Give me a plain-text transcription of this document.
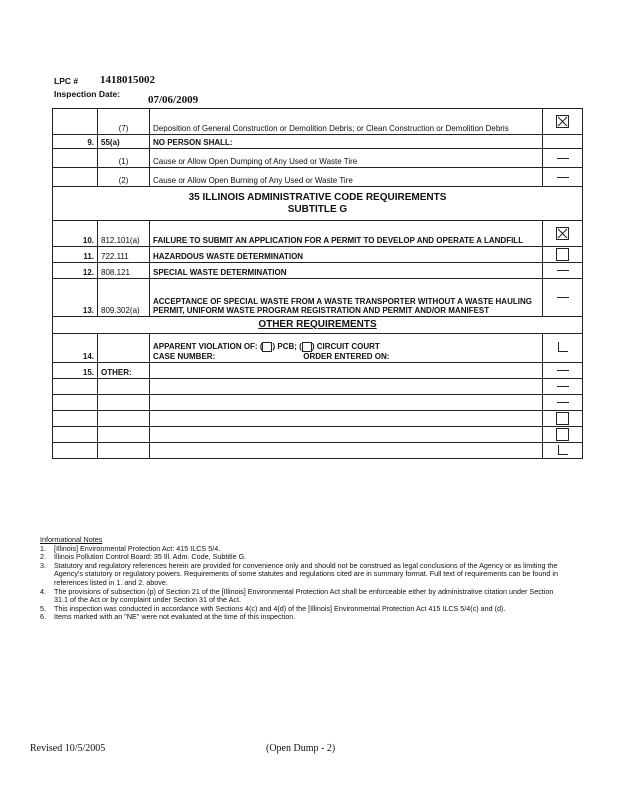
LPC # 1418015002
Inspection Date:	07/06/2009
	(7)	Deposition of General Construction or Demolition Debris; or Clean Construction or Demolition Debris	
9.	55(a)	NO PERSON SHALL:	
	(1)	Cause or Allow Open Dumping of Any Used or Waste Tire	
	(2)	Cause or Allow Open Burning of Any Used or Waste Tire	

35 ILLINOIS ADMINISTRATIVE CODE REQUIREMENTS
SUBTITLE G			

10.	812.101(a)	FAILURE TO SUBMIT AN APPLICATION FOR A PERMIT TO DEVELOP AND OPERATE A LANDFILL	
11.	722.111	HAZARDOUS WASTE DETERMINATION	
12.	808.121	SPECIAL WASTE DETERMINATION	
13.	809.302(a)	ACCEPTANCE OF SPECIAL WASTE FROM A WASTE TRANSPORTER WITHOUT A WASTE HAULING PERMIT, UNIFORM WASTE PROGRAM REGISTRATION AND PERMIT AND/OR MANIFEST	
OTHER REQUIREMENTS			
14.		APPARENT VIOLATION OF: ( ) PCB; ( ) CIRCUIT COURT
CASE NUMBER: ORDER ENTERED ON:	

15.	OTHER:		

Informational Notes
1.	[Illinois] Environmental Protection Act: 415 ILCS 5/4.
2.	Illinois Pollution Control Board: 35 Ill. Adm. Code, Subtitle G.
3.	Statutory and regulatory references herein are provided for convenience only and should not be construed as legal conclusions of the Agency or as limiting the Agency's statutory or regulatory powers. Requirements of some statutes and regulations cited are in summary format. Full text of requirements can be found in references listed in 1. and 2. above.
4.	The provisions of subsection (p) of Section 21 of the [Illinois] Environmental Protection Act shall be enforceable either by administrative citation under Section 31.1 of the Act or by complaint under Section 31 of the Act.
5.	This inspection was conducted in accordance with Sections 4(c) and 4(d) of the [Illinois] Environmental Protection Act 415 ILCS 5/4(c) and (d).
6.	Items marked with an "NE" were not evaluated at the time of this inspection.
Revised 10/5/2005	(Open Dump - 2)
